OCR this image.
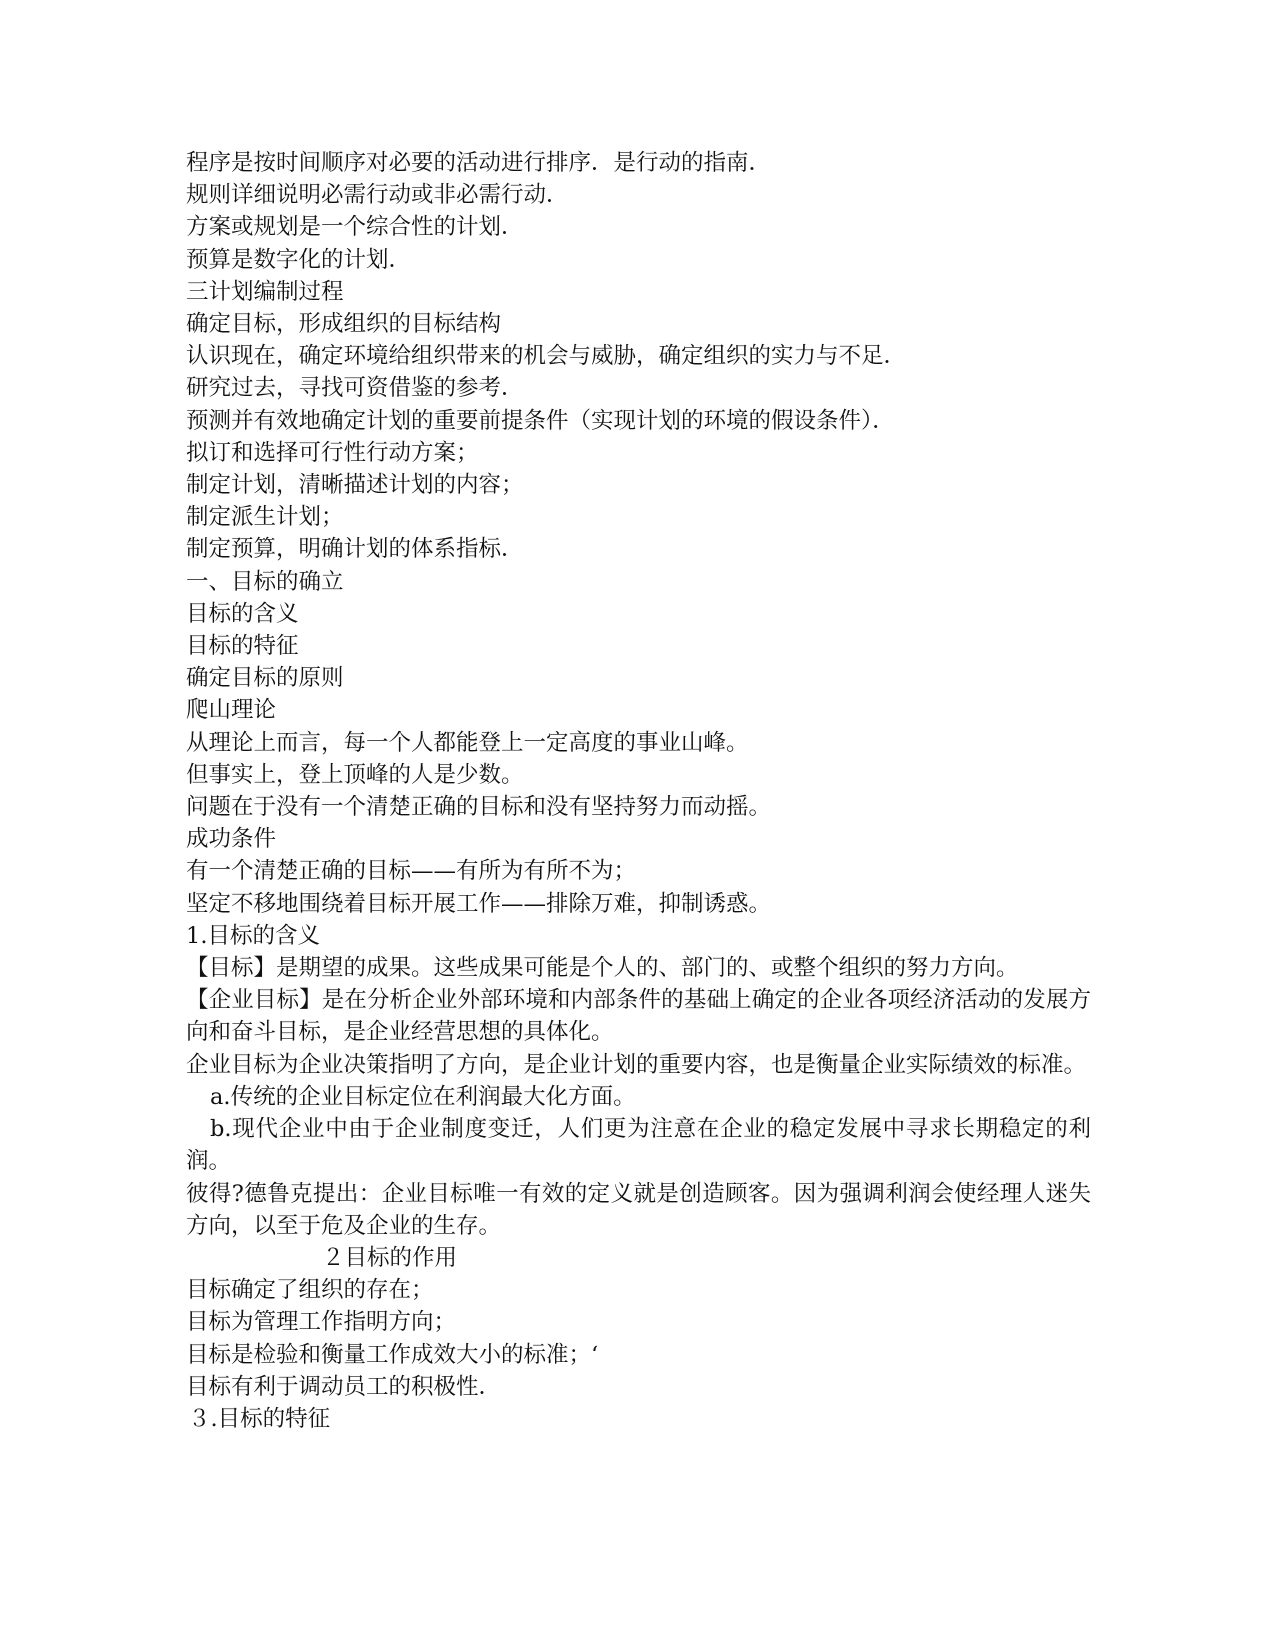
程序是按时间顺序对必要的活动进行排序．是行动的指南．

规则详细说明必需行动或非必需行动．

方案或规划是一个综合性的计划．

预算是数字化的计划．

三计划编制过程

确定目标，形成组织的目标结构

认识现在，确定环境给组织带来的机会与威胁，确定组织的实力与不足．

研究过去，寻找可资借鉴的参考．

预测并有效地确定计划的重要前提条件（实现计划的环境的假设条件）．

拟订和选择可行性行动方案；

制定计划，清晰描述计划的内容；

制定派生计划；

制定预算，明确计划的体系指标．

一、目标的确立

目标的含义

目标的特征

确定目标的原则

爬山理论

从理论上而言，每一个人都能登上一定高度的事业山峰。

但事实上，登上顶峰的人是少数。

问题在于没有一个清楚正确的目标和没有坚持努力而动摇。

成功条件

有一个清楚正确的目标——有所为有所不为；

坚定不移地围绕着目标开展工作——排除万难，抑制诱惑。

1.目标的含义

【目标】是期望的成果。这些成果可能是个人的、部门的、或整个组织的努力方向。

【企业目标】是在分析企业外部环境和内部条件的基础上确定的企业各项经济活动的发展方向和奋斗目标，是企业经营思想的具体化。

企业目标为企业决策指明了方向，是企业计划的重要内容，也是衡量企业实际绩效的标准。

a.传统的企业目标定位在利润最大化方面。

b.现代企业中由于企业制度变迁，人们更为注意在企业的稳定发展中寻求长期稳定的利润。

彼得?德鲁克提出：企业目标唯一有效的定义就是创造顾客。因为强调利润会使经理人迷失方向，以至于危及企业的生存。

２目标的作用

目标确定了组织的存在；

目标为管理工作指明方向；

目标是检验和衡量工作成效大小的标准；‘

目标有利于调动员工的积极性．

３.目标的特征
